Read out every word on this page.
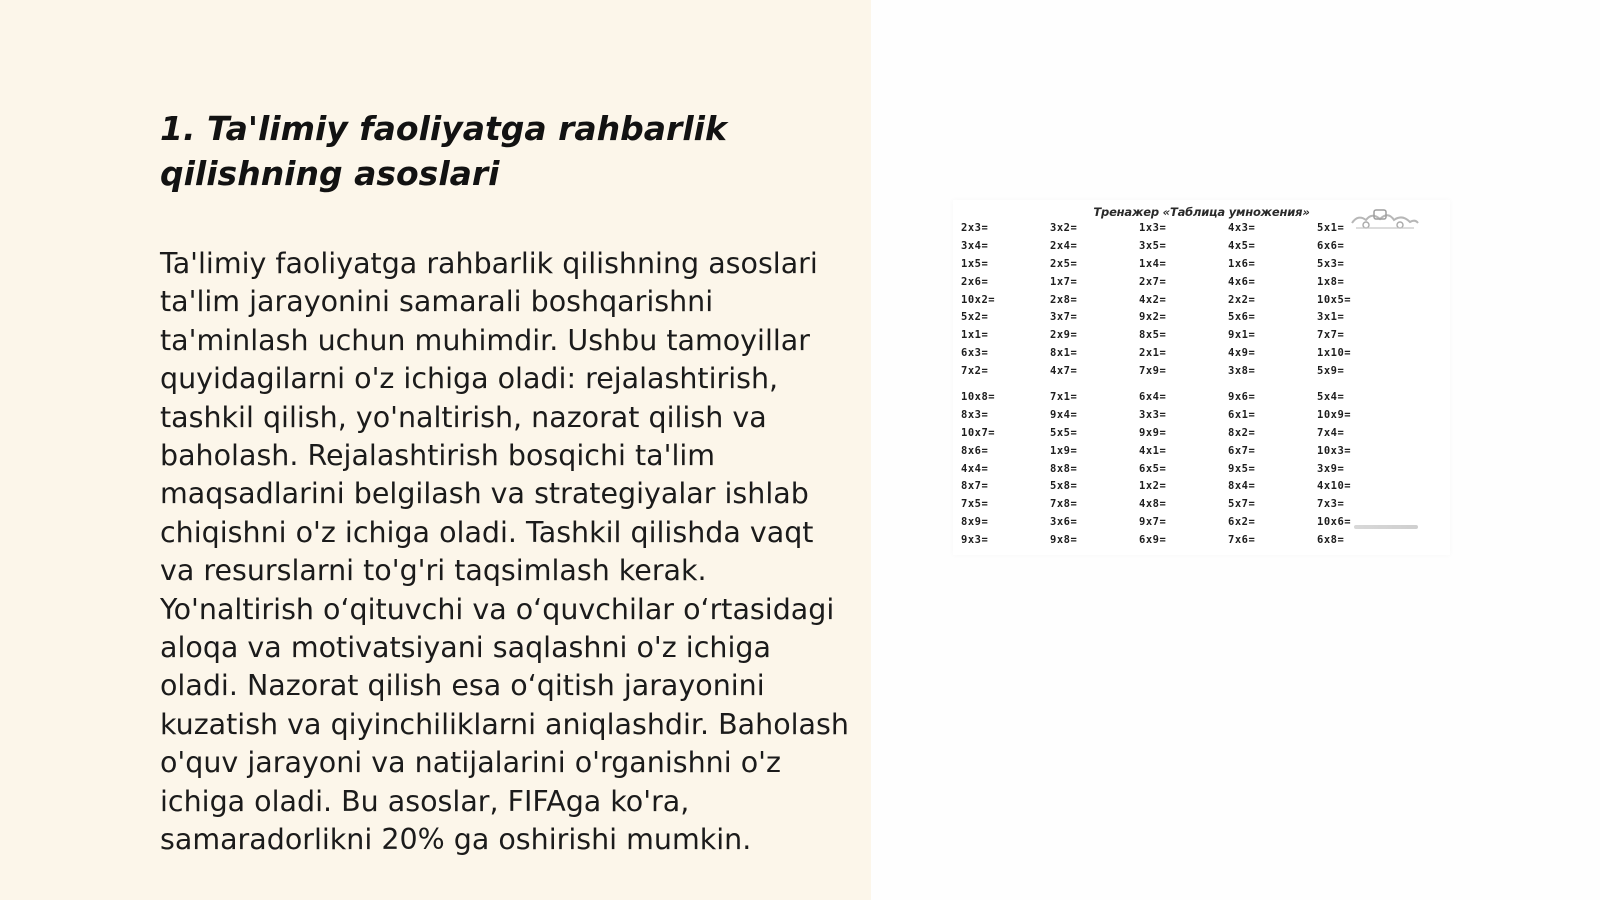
1. Ta'limiy faoliyatga rahbarlik qilishning asoslari

Ta'limiy faoliyatga rahbarlik qilishning asoslari ta'lim jarayonini samarali boshqarishni ta'minlash uchun muhimdir. Ushbu tamoyillar quyidagilarni o'z ichiga oladi: rejalashtirish, tashkil qilish, yo'naltirish, nazorat qilish va baholash. Rejalashtirish bosqichi ta'lim maqsadlarini belgilash va strategiyalar ishlab chiqishni o'z ichiga oladi. Tashkil qilishda vaqt va resurslarni to'g'ri taqsimlash kerak. Yo'naltirish o‘qituvchi va o‘quvchilar o‘rtasidagi aloqa va motivatsiyani saqlashni o'z ichiga oladi. Nazorat qilish esa o‘qitish jarayonini kuzatish va qiyinchiliklarni aniqlashdir. Baholash o'quv jarayoni va natijalarini o'rganishni o'z ichiga oladi. Bu asoslar, FIFAga ko'ra, samaradorlikni 20% ga oshirishi mumkin.

Тренажер «Таблица умножения»
2x3=	3x2=	1x3=	4x3=	5x1=
3x4=	2x4=	3x5=	4x5=	6x6=
1x5=	2x5=	1x4=	1x6=	5x3=
2x6=	1x7=	2x7=	4x6=	1x8=
10x2=	2x8=	4x2=	2x2=	10x5=
5x2=	3x7=	9x2=	5x6=	3x1=
1x1=	2x9=	8x5=	9x1=	7x7=
6x3=	8x1=	2x1=	4x9=	1x10=
7x2=	4x7=	7x9=	3x8=	5x9=
10x8=	7x1=	6x4=	9x6=	5x4=
8x3=	9x4=	3x3=	6x1=	10x9=
10x7=	5x5=	9x9=	8x2=	7x4=
8x6=	1x9=	4x1=	6x7=	10x3=
4x4=	8x8=	6x5=	9x5=	3x9=
8x7=	5x8=	1x2=	8x4=	4x10=
7x5=	7x8=	4x8=	5x7=	7x3=
8x9=	3x6=	9x7=	6x2=	10x6=
9x3=	9x8=	6x9=	7x6=	6x8=
